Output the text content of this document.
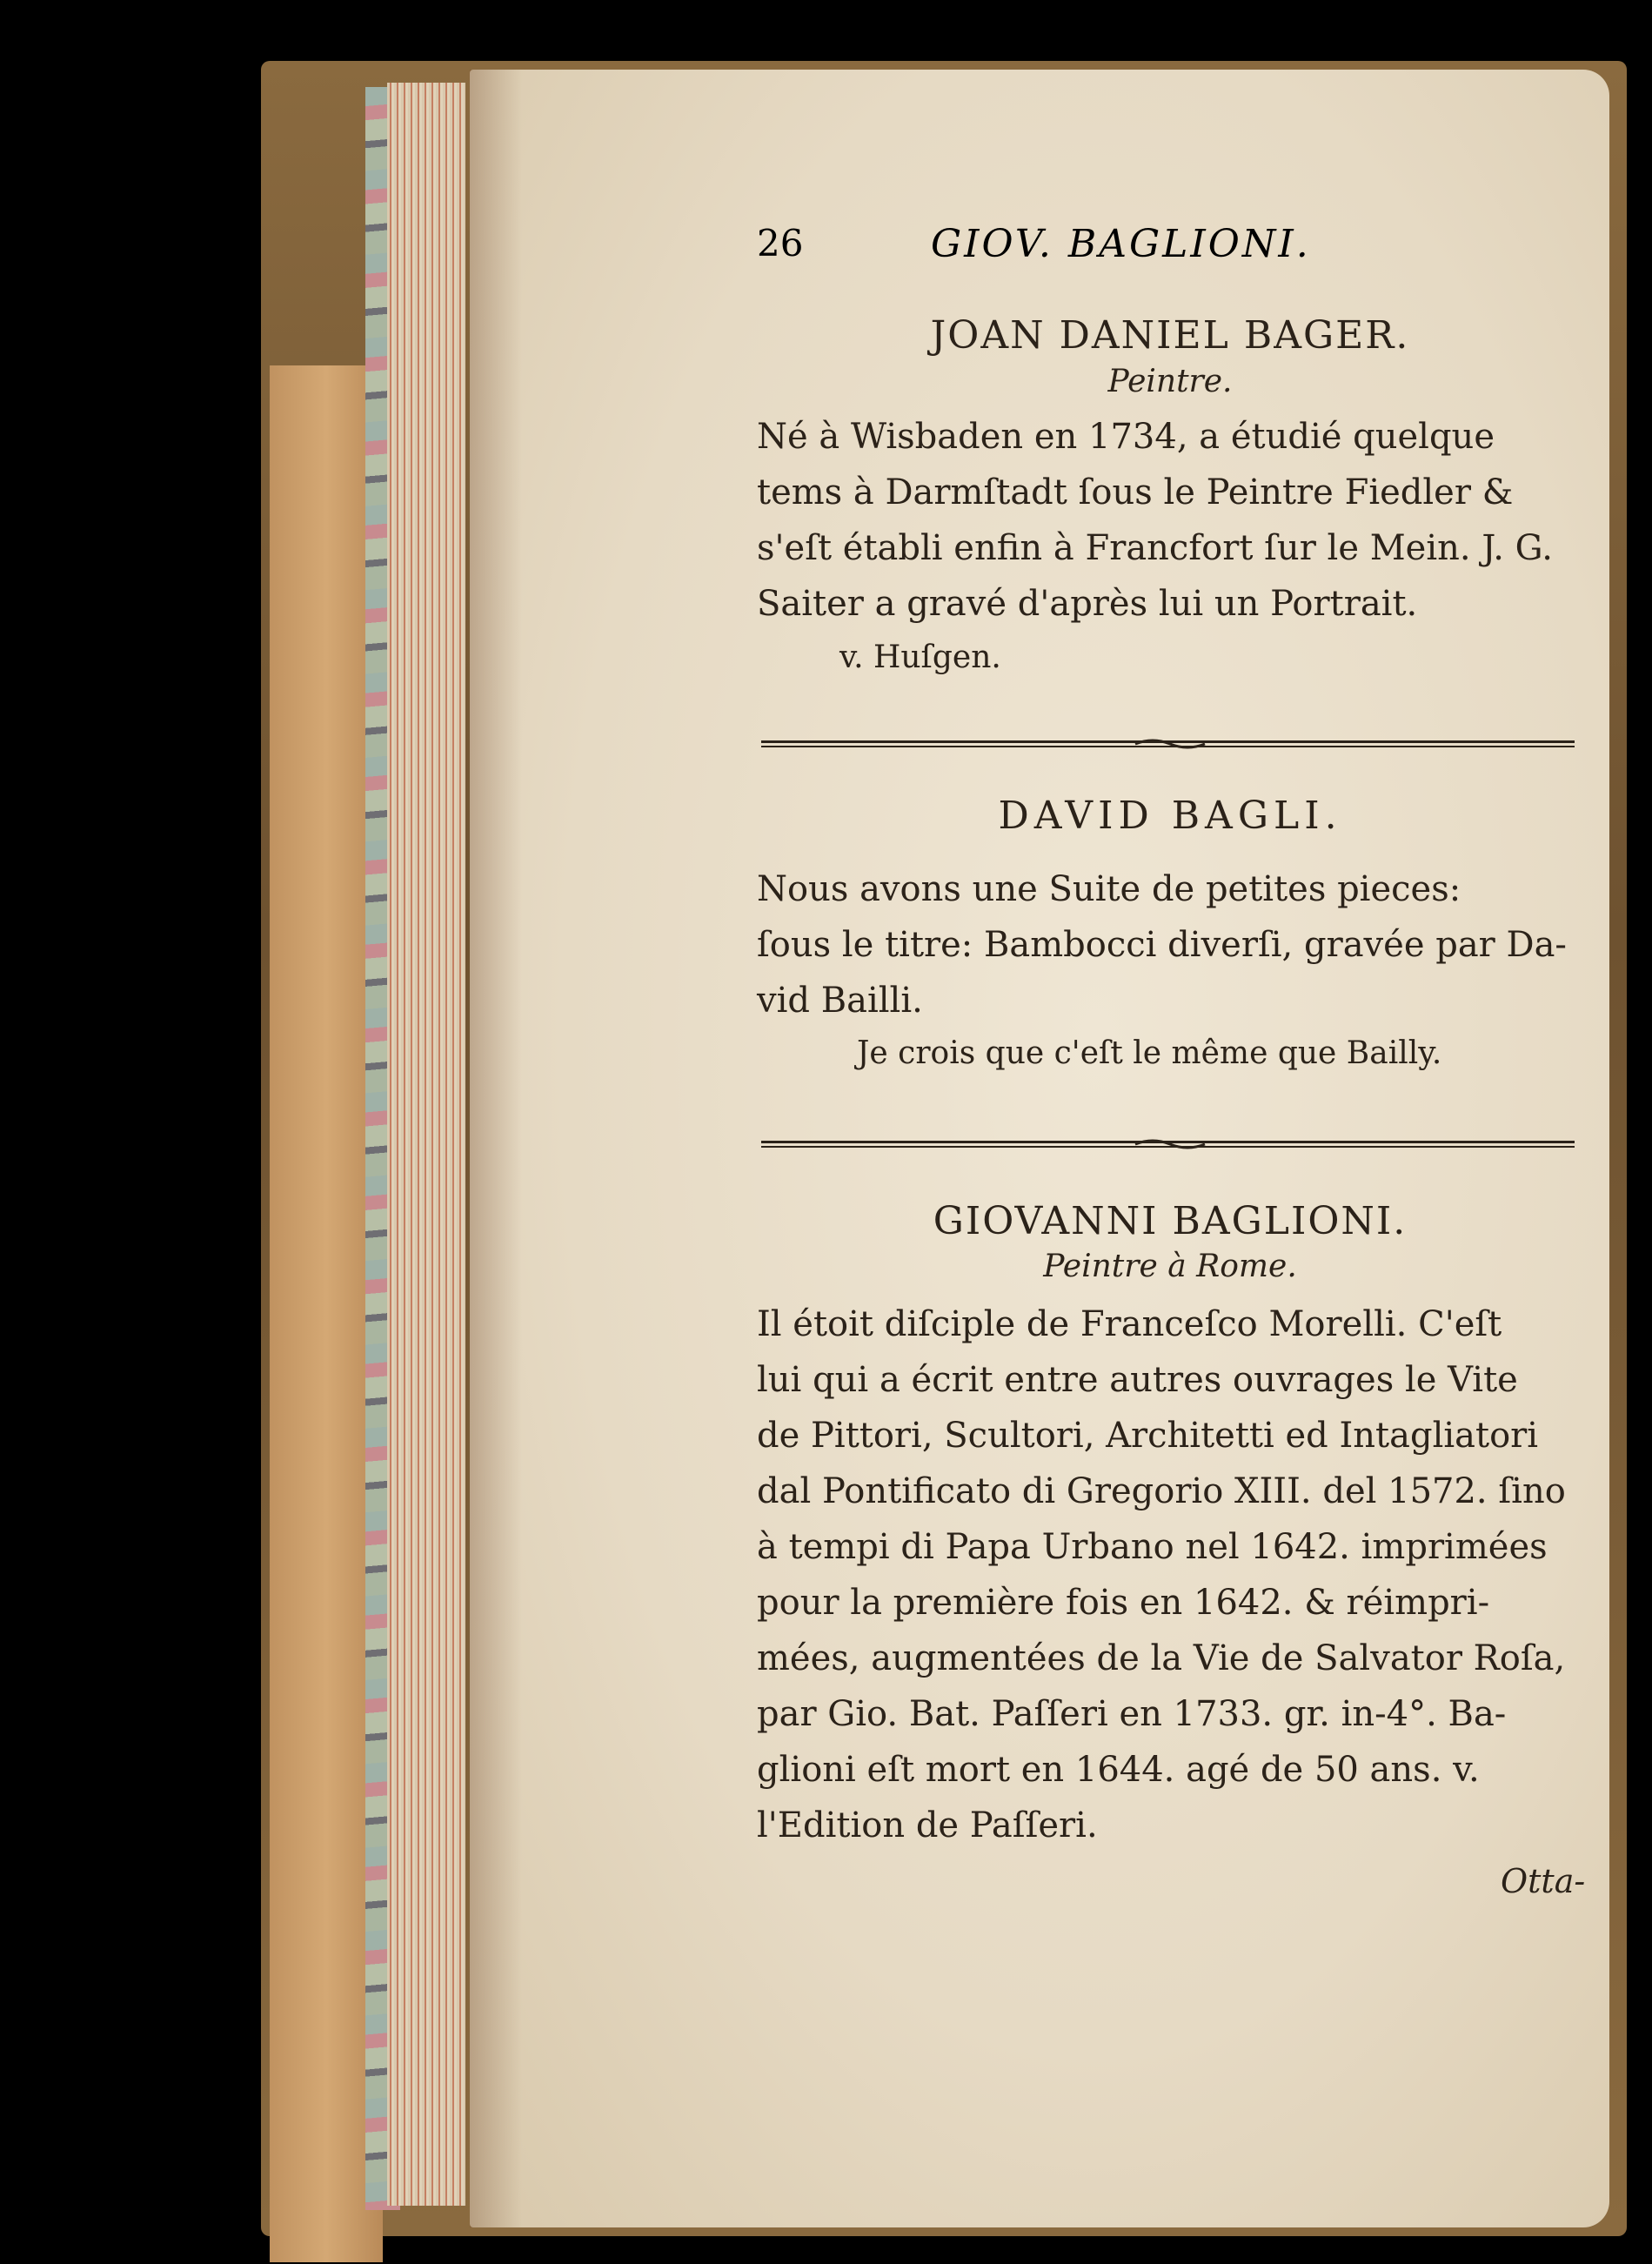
26	GIOV. BAGLIONI.
JOAN DANIEL BAGER.
Peintre.

Né à Wisbaden en 1734, a étudié quelque
tems à Darmſtadt ſous le Peintre Fiedler &
s'eſt établi enfin à Francfort ſur le Mein. J. G.
Saiter a gravé d'après lui un Portrait.

v. Huſgen.
DAVID BAGLI.

Nous avons une Suite de petites pieces:
ſous le titre: Bambocci diverſi, gravée par Da-
vid Bailli.

Je crois que c'eſt le même que Bailly.
GIOVANNI BAGLIONI.
Peintre à Rome.

Il étoit diſciple de Franceſco Morelli. C'eſt
lui qui a écrit entre autres ouvrages le Vite
de Pittori, Scultori, Architetti ed Intagliatori
dal Pontificato di Gregorio XIII. del 1572. ſino
à tempi di Papa Urbano nel 1642. imprimées
pour la première fois en 1642. & réimpri-
mées, augmentées de la Vie de Salvator Roſa,
par Gio. Bat. Paſſeri en 1733. gr. in-4°. Ba-
glioni eſt mort en 1644. agé de 50 ans. v.
l'Edition de Paſſeri.

Otta-
